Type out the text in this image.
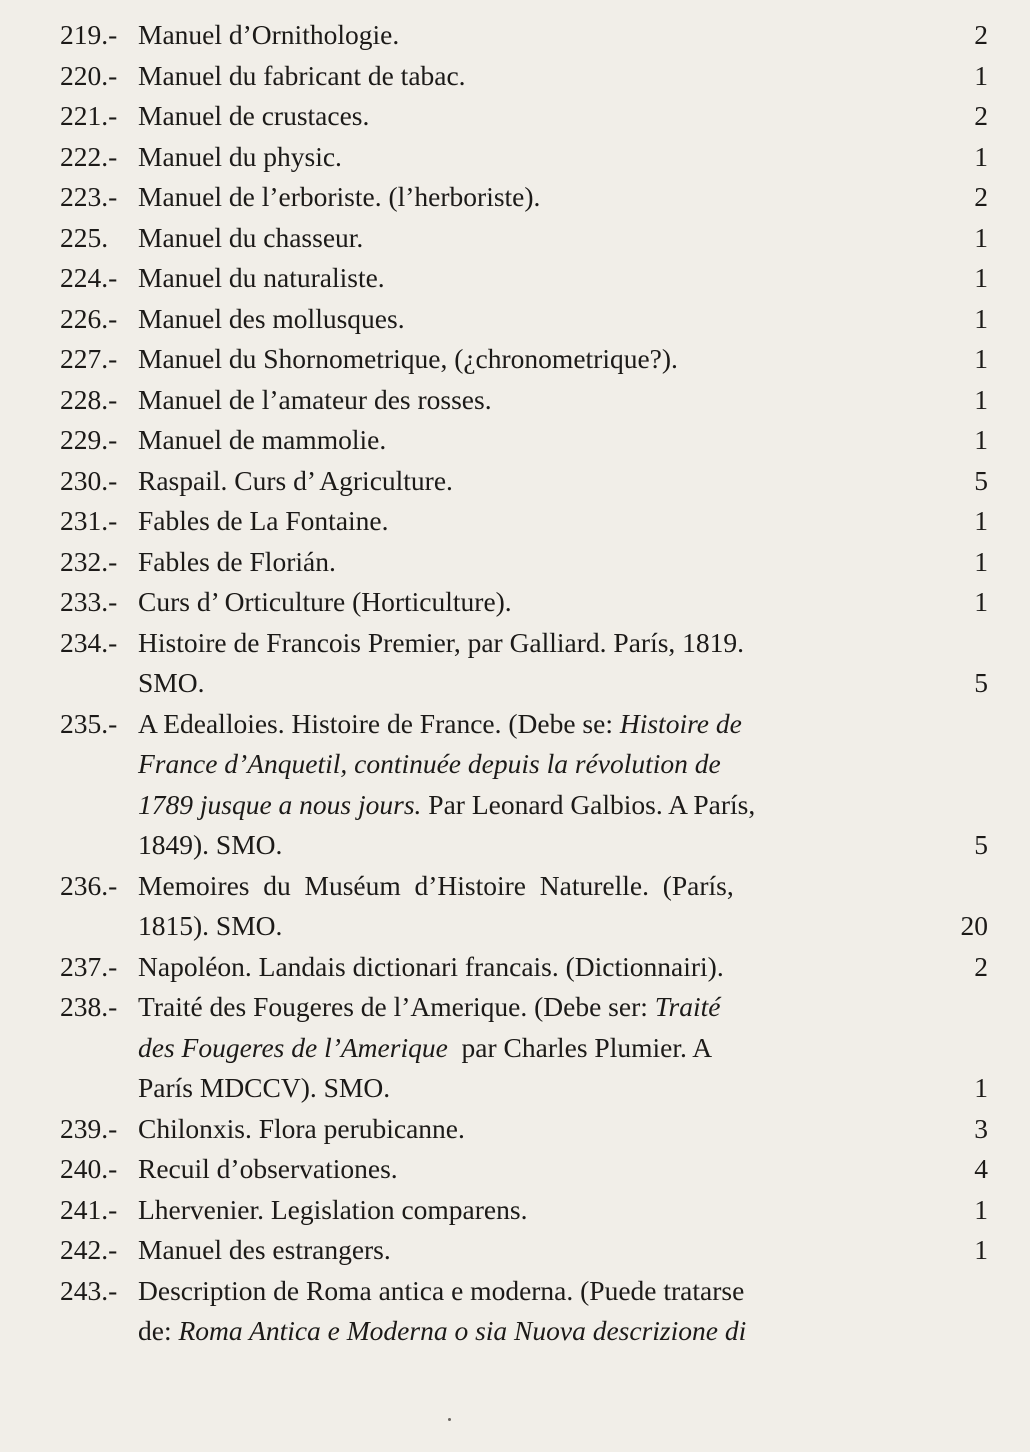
219.- Manuel d’Ornithologie.	2
220.- Manuel du fabricant de tabac.	1
221.- Manuel de crustaces.	2
222.- Manuel du physic.	1
223.- Manuel de l’erboriste. (l’herboriste).	2
225. Manuel du chasseur.	1
224.- Manuel du naturaliste.	1
226.- Manuel des mollusques.	1
227.- Manuel du Shornometrique, (¿chronometrique?).	1
228.- Manuel de l’amateur des rosses.	1
229.- Manuel de mammolie.	1
230.- Raspail. Curs d’ Agriculture.	5
231.- Fables de La Fontaine.	1
232.- Fables de Florián.	1
233.- Curs d’ Orticulture (Horticulture).	1
234.- Histoire de Francois Premier, par Galliard. París, 1819.
SMO.	5
235.- A Edealloies. Histoire de France. (Debe se: Histoire de
France d’Anquetil, continuée depuis la révolution de
1789 jusque a nous jours. Par Leonard Galbios. A París,
1849). SMO.	5
236.- Memoires  du  Muséum  d’Histoire  Naturelle.  (París,
1815). SMO.	20
237.- Napoléon. Landais dictionari francais. (Dictionnairi).	2
238.- Traité des Fougeres de l’Amerique. (Debe ser: Traité
des Fougeres de l’Amerique  par Charles Plumier. A
París MDCCV). SMO.	1
239.- Chilonxis. Flora perubicanne.	3
240.- Recuil d’observationes.	4
241.- Lhervenier. Legislation comparens.	1
242.- Manuel des estrangers.	1
243.- Description de Roma antica e moderna. (Puede tratarse
de: Roma Antica e Moderna o sia Nuova descrizione di
